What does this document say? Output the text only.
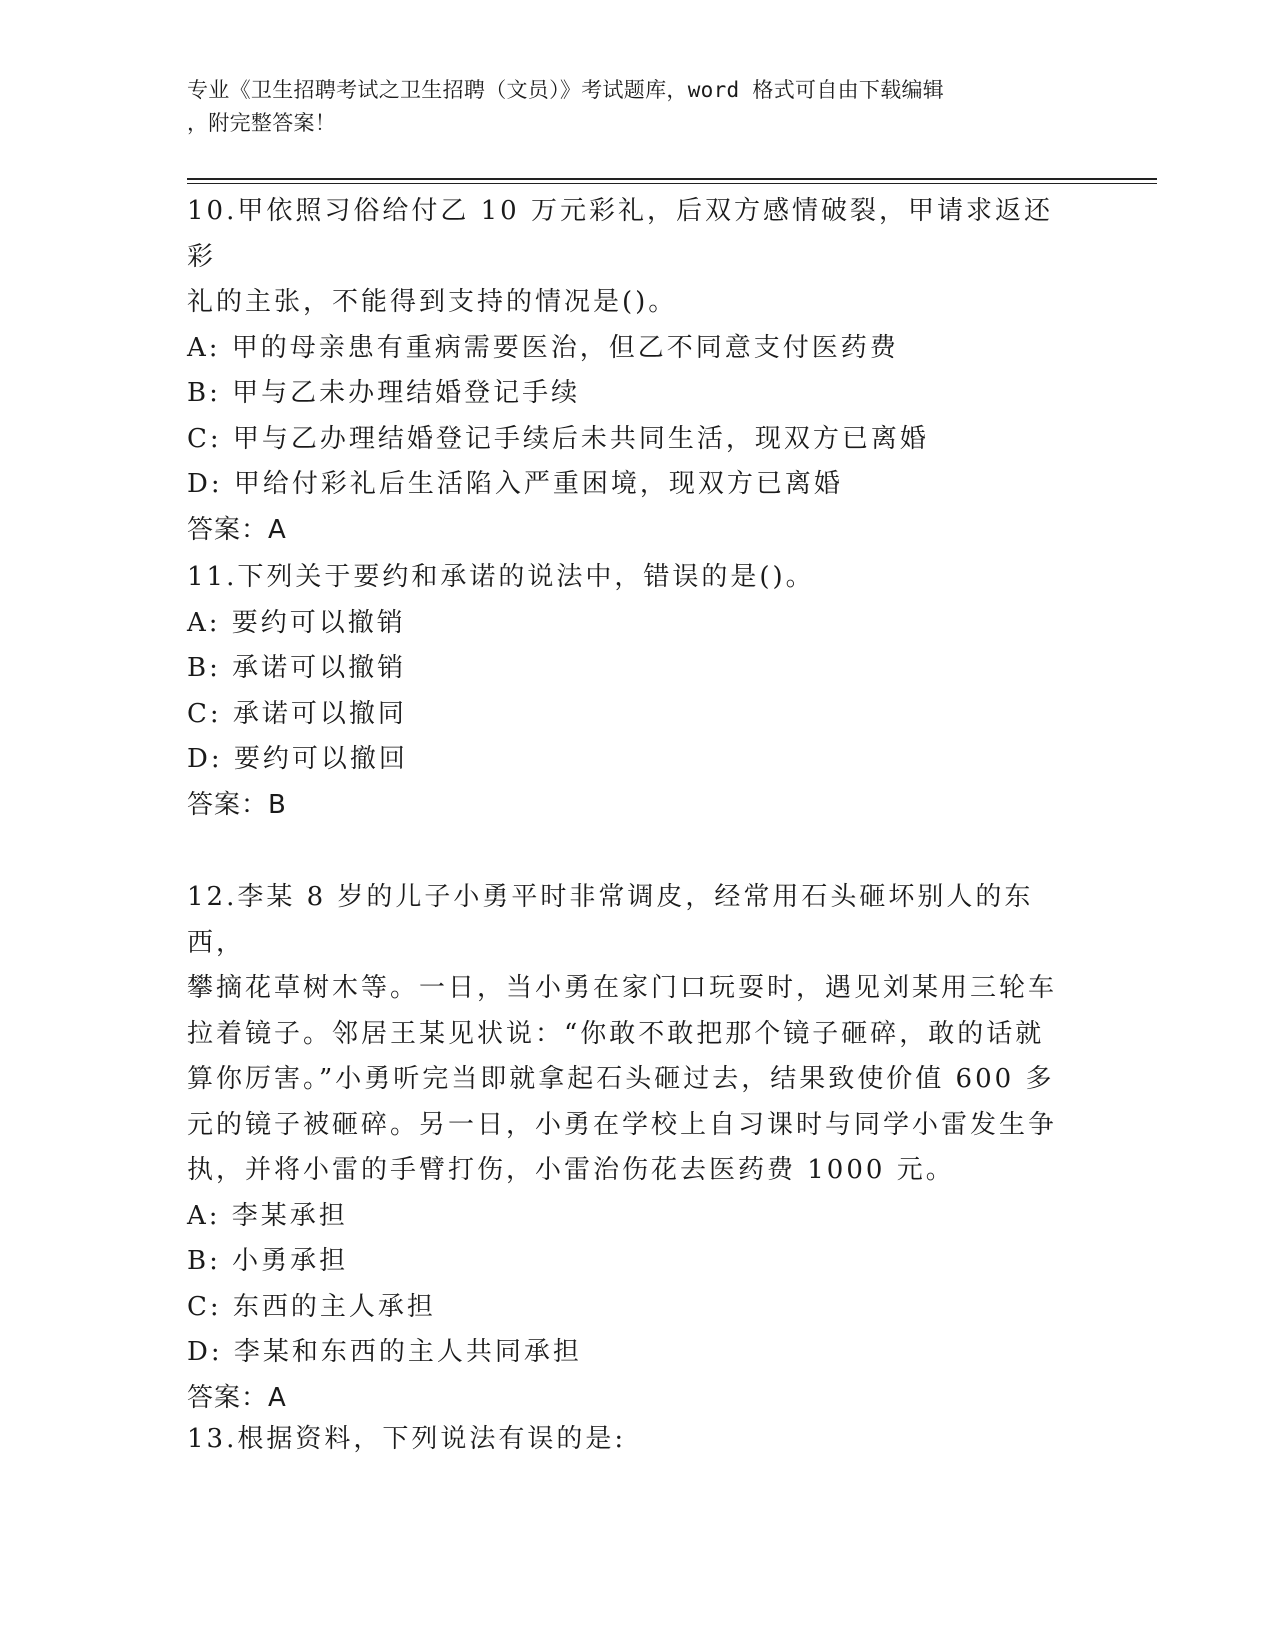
专业《卫生招聘考试之卫生招聘（文员）》考试题库，word 格式可自由下载编辑
，附完整答案！

10.甲依照习俗给付乙 10 万元彩礼，后双方感情破裂，甲请求返还彩

礼的主张，不能得到支持的情况是()。

A: 甲的母亲患有重病需要医治，但乙不同意支付医药费

B: 甲与乙未办理结婚登记手续

C: 甲与乙办理结婚登记手续后未共同生活，现双方已离婚

D: 甲给付彩礼后生活陷入严重困境，现双方已离婚

答案：A

11.下列关于要约和承诺的说法中，错误的是()。

A: 要约可以撤销

B: 承诺可以撤销

C: 承诺可以撤同

D: 要约可以撤回

答案：B

12.李某 8 岁的儿子小勇平时非常调皮，经常用石头砸坏别人的东西，

攀摘花草树木等。一日，当小勇在家门口玩耍时，遇见刘某用三轮车

拉着镜子。邻居王某见状说：“你敢不敢把那个镜子砸碎，敢的话就

算你厉害。”小勇听完当即就拿起石头砸过去，结果致使价值 600 多

元的镜子被砸碎。另一日，小勇在学校上自习课时与同学小雷发生争

执，并将小雷的手臂打伤，小雷治伤花去医药费 1000 元。

A: 李某承担

B: 小勇承担

C: 东西的主人承担

D: 李某和东西的主人共同承担

答案：A

13.根据资料，下列说法有误的是:
